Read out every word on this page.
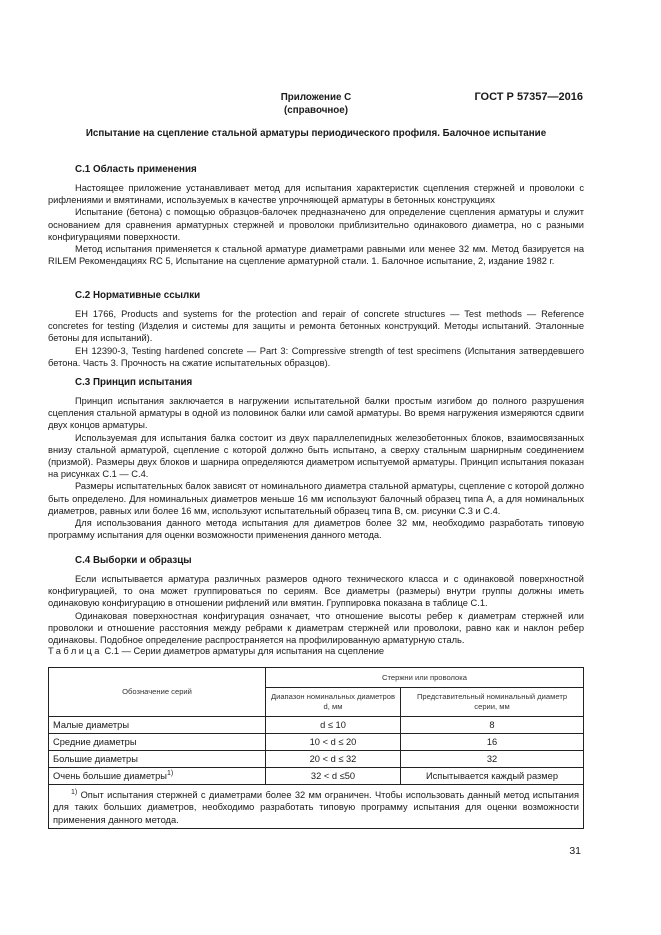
ГОСТ Р 57357—2016
Приложение С
(справочное)
Испытание на сцепление стальной арматуры периодического профиля. Балочное испытание
С.1 Область применения

Настоящее приложение устанавливает метод для испытания характеристик сцепления стержней и проволоки с рифлениями и вмятинами, используемых в качестве упрочняющей арматуры в бетонных конструкциях

Испытание (бетона) с помощью образцов-балочек предназначено для определение сцепления арматуры и служит основанием для сравнения арматурных стержней и проволоки приблизительно одинакового диаметра, но с разными конфигурациями поверхности.

Метод испытания применяется к стальной арматуре диаметрами равными или менее 32 мм. Метод базируется на RILEM Рекомендациях RC 5, Испытание на сцепление арматурной стали. 1. Балочное испытание, 2, издание 1982 г.

С.2 Нормативные ссылки

ЕН 1766, Products and systems for the protection and repair of concrete structures — Test methods — Reference concretes for testing (Изделия и системы для защиты и ремонта бетонных конструкций. Методы испытаний. Эталонные бетоны для испытаний).

ЕН 12390-3, Testing hardened concrete — Part 3: Compressive strength of test specimens (Испытания затвердевшего бетона. Часть 3. Прочность на сжатие испытательных образцов).

С.3 Принцип испытания

Принцип испытания заключается в нагружении испытательной балки простым изгибом до полного разрушения сцепления стальной арматуры в одной из половинок балки или самой арматуры. Во время нагружения измеряются сдвиги двух концов арматуры.

Используемая для испытания балка состоит из двух параллелепидных железобетонных блоков, взаимосвязанных внизу стальной арматурой, сцепление с которой должно быть испытано, а сверху стальным шарнирным соединением (призмой). Размеры двух блоков и шарнира определяются диаметром испытуемой арматуры. Принцип испытания показан на рисунках С.1 — С.4.

Размеры испытательных балок зависят от номинального диаметра стальной арматуры, сцепление с которой должно быть определено. Для номинальных диаметров меньше 16 мм используют балочный образец типа А, а для номинальных диаметров, равных или более 16 мм, используют испытательный образец типа В, см. рисунки С.3 и С.4.

Для использования данного метода испытания для диаметров более 32 мм, необходимо разработать типовую программу испытания для оценки возможности применения данного метода.

С.4 Выборки и образцы

Если испытывается арматура различных размеров одного технического класса и с одинаковой поверхностной конфигурацией, то она может группироваться по сериям. Все диаметры (размеры) внутри группы должны иметь одинаковую конфигурацию в отношении рифлений или вмятин. Группировка показана в таблице С.1.

Одинаковая поверхностная конфигурация означает, что отношение высоты ребер к диаметрам стержней или проволоки и отношение расстояния между ребрами к диаметрам стержней или проволоки, равно как и наклон ребер одинаковы. Подобное определение распространяется на профилированную арматурную сталь.

Таблица С.1 — Серии диаметров арматуры для испытания на сцепление
Обозначение серий	Стержни или проволока	
	Диапазон номинальных диаметров d, мм	Представительный номинальный диаметр серии, мм
Малые диаметры	d ≤ 10	8
Средние диаметры	10 < d ≤ 20	16
Большие диаметры	20 < d ≤ 32	32
Очень большие диаметры$^{1)}$	32 < d ≤50	Испытывается каждый размер
$^{1)}$ Опыт испытания стержней с диаметрами более 32 мм ограничен. Чтобы использовать данный метод испытания для таких больших диаметров, необходимо разработать типовую программу испытания для оценки возможности применения данного метода.		
31
